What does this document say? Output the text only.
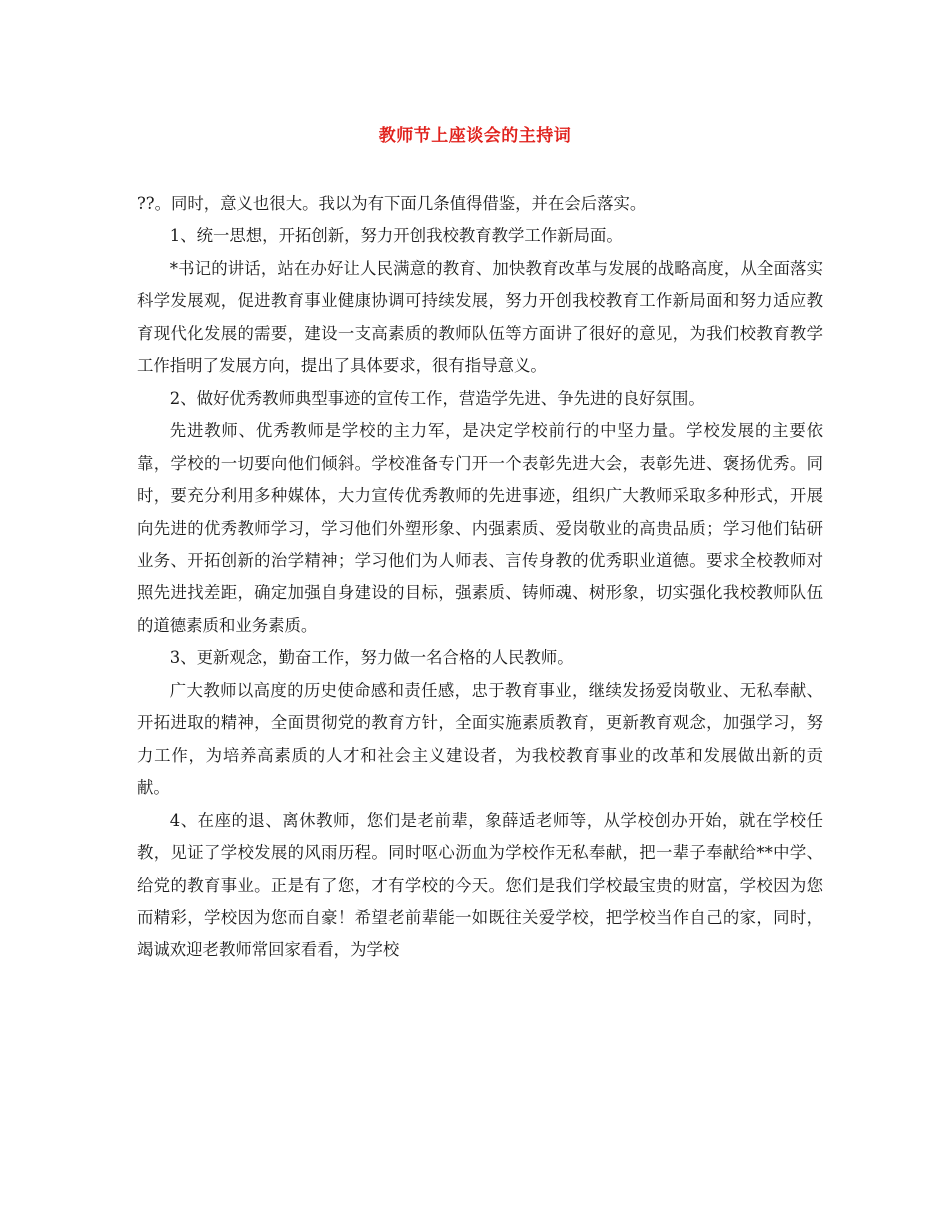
教师节上座谈会的主持词

??。同时，意义也很大。我以为有下面几条值得借鉴，并在会后落实。

1、统一思想，开拓创新，努力开创我校教育教学工作新局面。

*书记的讲话，站在办好让人民满意的教育、加快教育改革与发展的战略高度，从全面落实科学发展观，促进教育事业健康协调可持续发展，努力开创我校教育工作新局面和努力适应教育现代化发展的需要，建设一支高素质的教师队伍等方面讲了很好的意见，为我们校教育教学工作指明了发展方向，提出了具体要求，很有指导意义。

2、做好优秀教师典型事迹的宣传工作，营造学先进、争先进的良好氛围。

先进教师、优秀教师是学校的主力军，是决定学校前行的中坚力量。学校发展的主要依靠，学校的一切要向他们倾斜。学校准备专门开一个表彰先进大会，表彰先进、褒扬优秀。同时，要充分利用多种媒体，大力宣传优秀教师的先进事迹，组织广大教师采取多种形式，开展向先进的优秀教师学习，学习他们外塑形象、内强素质、爱岗敬业的高贵品质；学习他们钻研业务、开拓创新的治学精神；学习他们为人师表、言传身教的优秀职业道德。要求全校教师对照先进找差距，确定加强自身建设的目标，强素质、铸师魂、树形象，切实强化我校教师队伍的道德素质和业务素质。

3、更新观念，勤奋工作，努力做一名合格的人民教师。

广大教师以高度的历史使命感和责任感，忠于教育事业，继续发扬爱岗敬业、无私奉献、开拓进取的精神，全面贯彻党的教育方针，全面实施素质教育，更新教育观念，加强学习，努力工作，为培养高素质的人才和社会主义建设者，为我校教育事业的改革和发展做出新的贡献。

4、在座的退、离休教师，您们是老前辈，象薛适老师等，从学校创办开始，就在学校任教，见证了学校发展的风雨历程。同时呕心沥血为学校作无私奉献，把一辈子奉献给**中学、给党的教育事业。正是有了您，才有学校的今天。您们是我们学校最宝贵的财富，学校因为您而精彩，学校因为您而自豪！希望老前辈能一如既往关爱学校，把学校当作自己的家，同时，竭诚欢迎老教师常回家看看，为学校
